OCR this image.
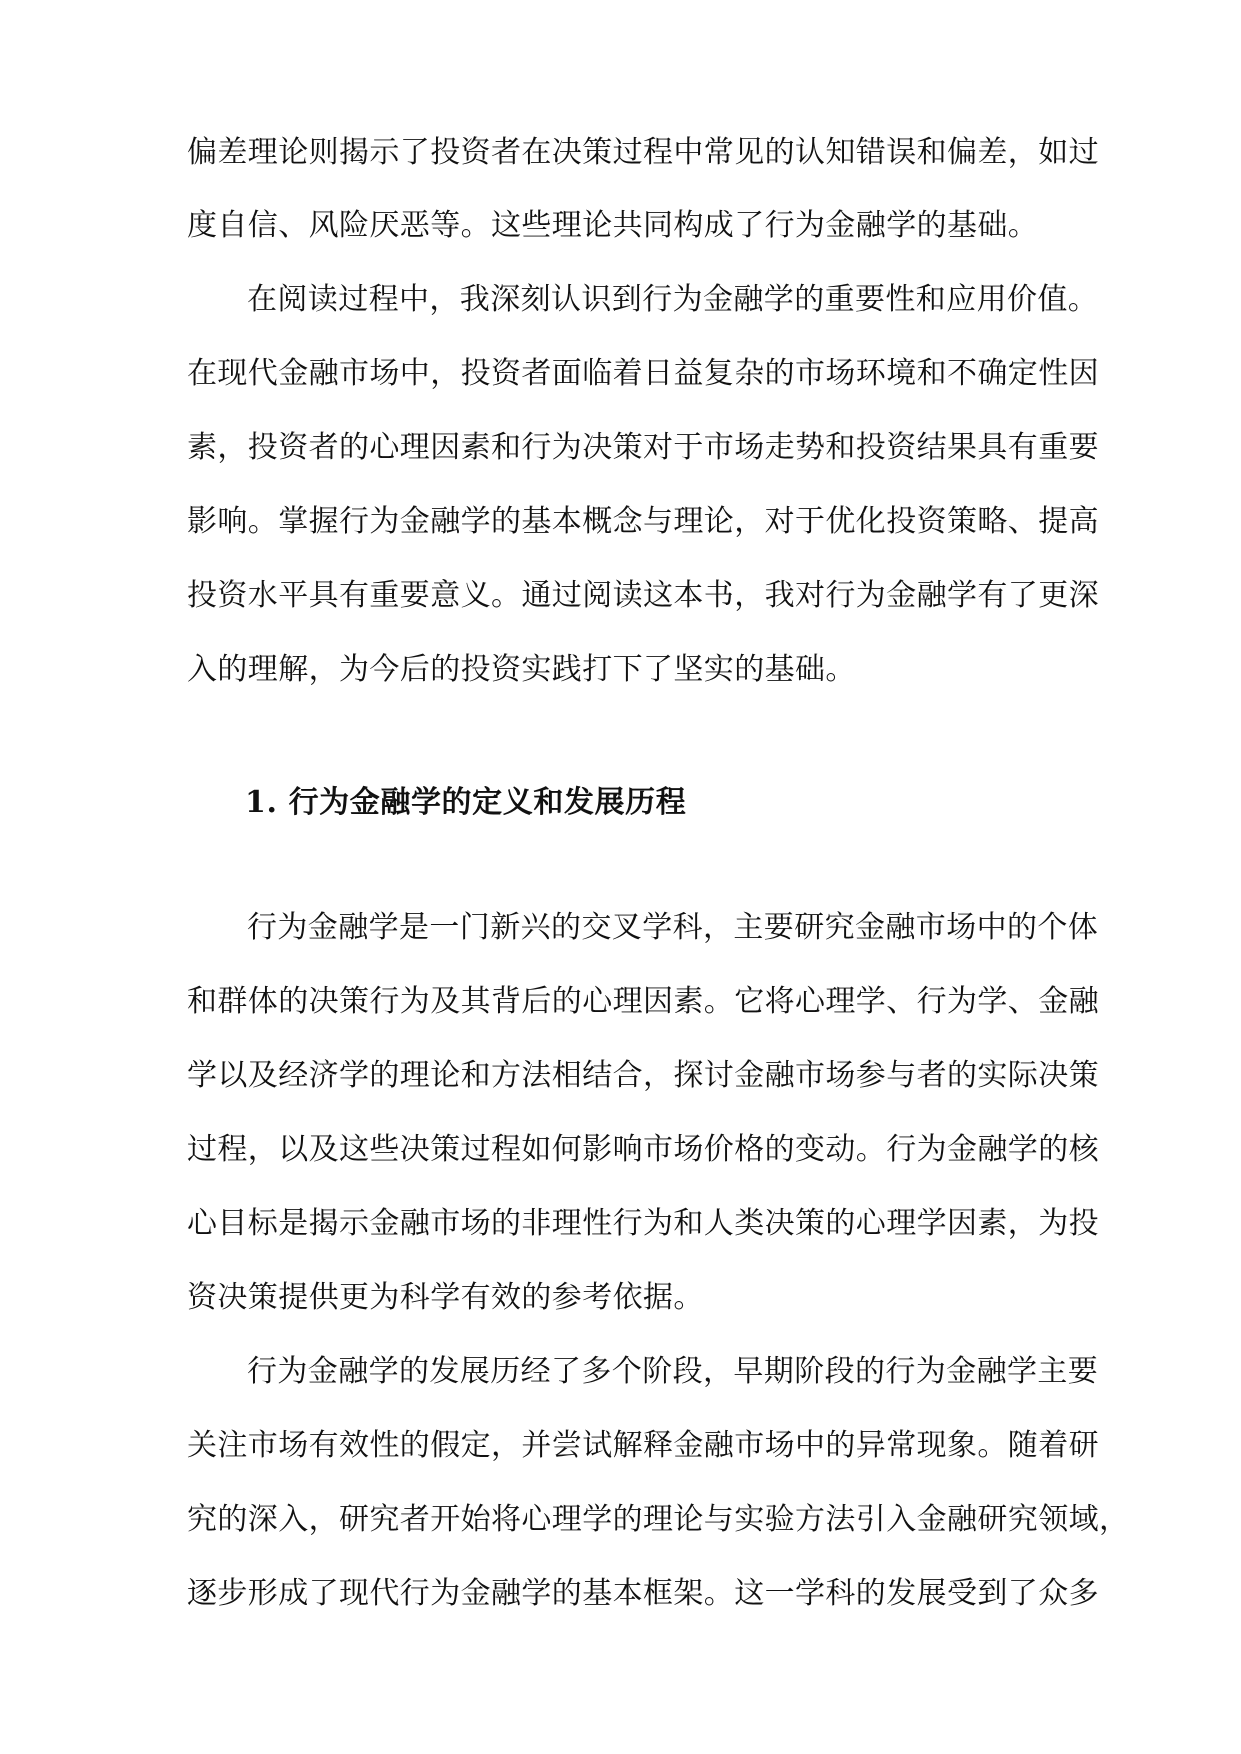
偏差理论则揭示了投资者在决策过程中常见的认知错误和偏差，如过
度自信、风险厌恶等。这些理论共同构成了行为金融学的基础。
在阅读过程中，我深刻认识到行为金融学的重要性和应用价值。
在现代金融市场中，投资者面临着日益复杂的市场环境和不确定性因
素，投资者的心理因素和行为决策对于市场走势和投资结果具有重要
影响。掌握行为金融学的基本概念与理论，对于优化投资策略、提高
投资水平具有重要意义。通过阅读这本书，我对行为金融学有了更深
入的理解，为今后的投资实践打下了坚实的基础。
1. 行为金融学的定义和发展历程
行为金融学是一门新兴的交叉学科，主要研究金融市场中的个体
和群体的决策行为及其背后的心理因素。它将心理学、行为学、金融
学以及经济学的理论和方法相结合，探讨金融市场参与者的实际决策
过程，以及这些决策过程如何影响市场价格的变动。行为金融学的核
心目标是揭示金融市场的非理性行为和人类决策的心理学因素，为投
资决策提供更为科学有效的参考依据。
行为金融学的发展历经了多个阶段，早期阶段的行为金融学主要
关注市场有效性的假定，并尝试解释金融市场中的异常现象。随着研
究的深入，研究者开始将心理学的理论与实验方法引入金融研究领域，
逐步形成了现代行为金融学的基本框架。这一学科的发展受到了众多
